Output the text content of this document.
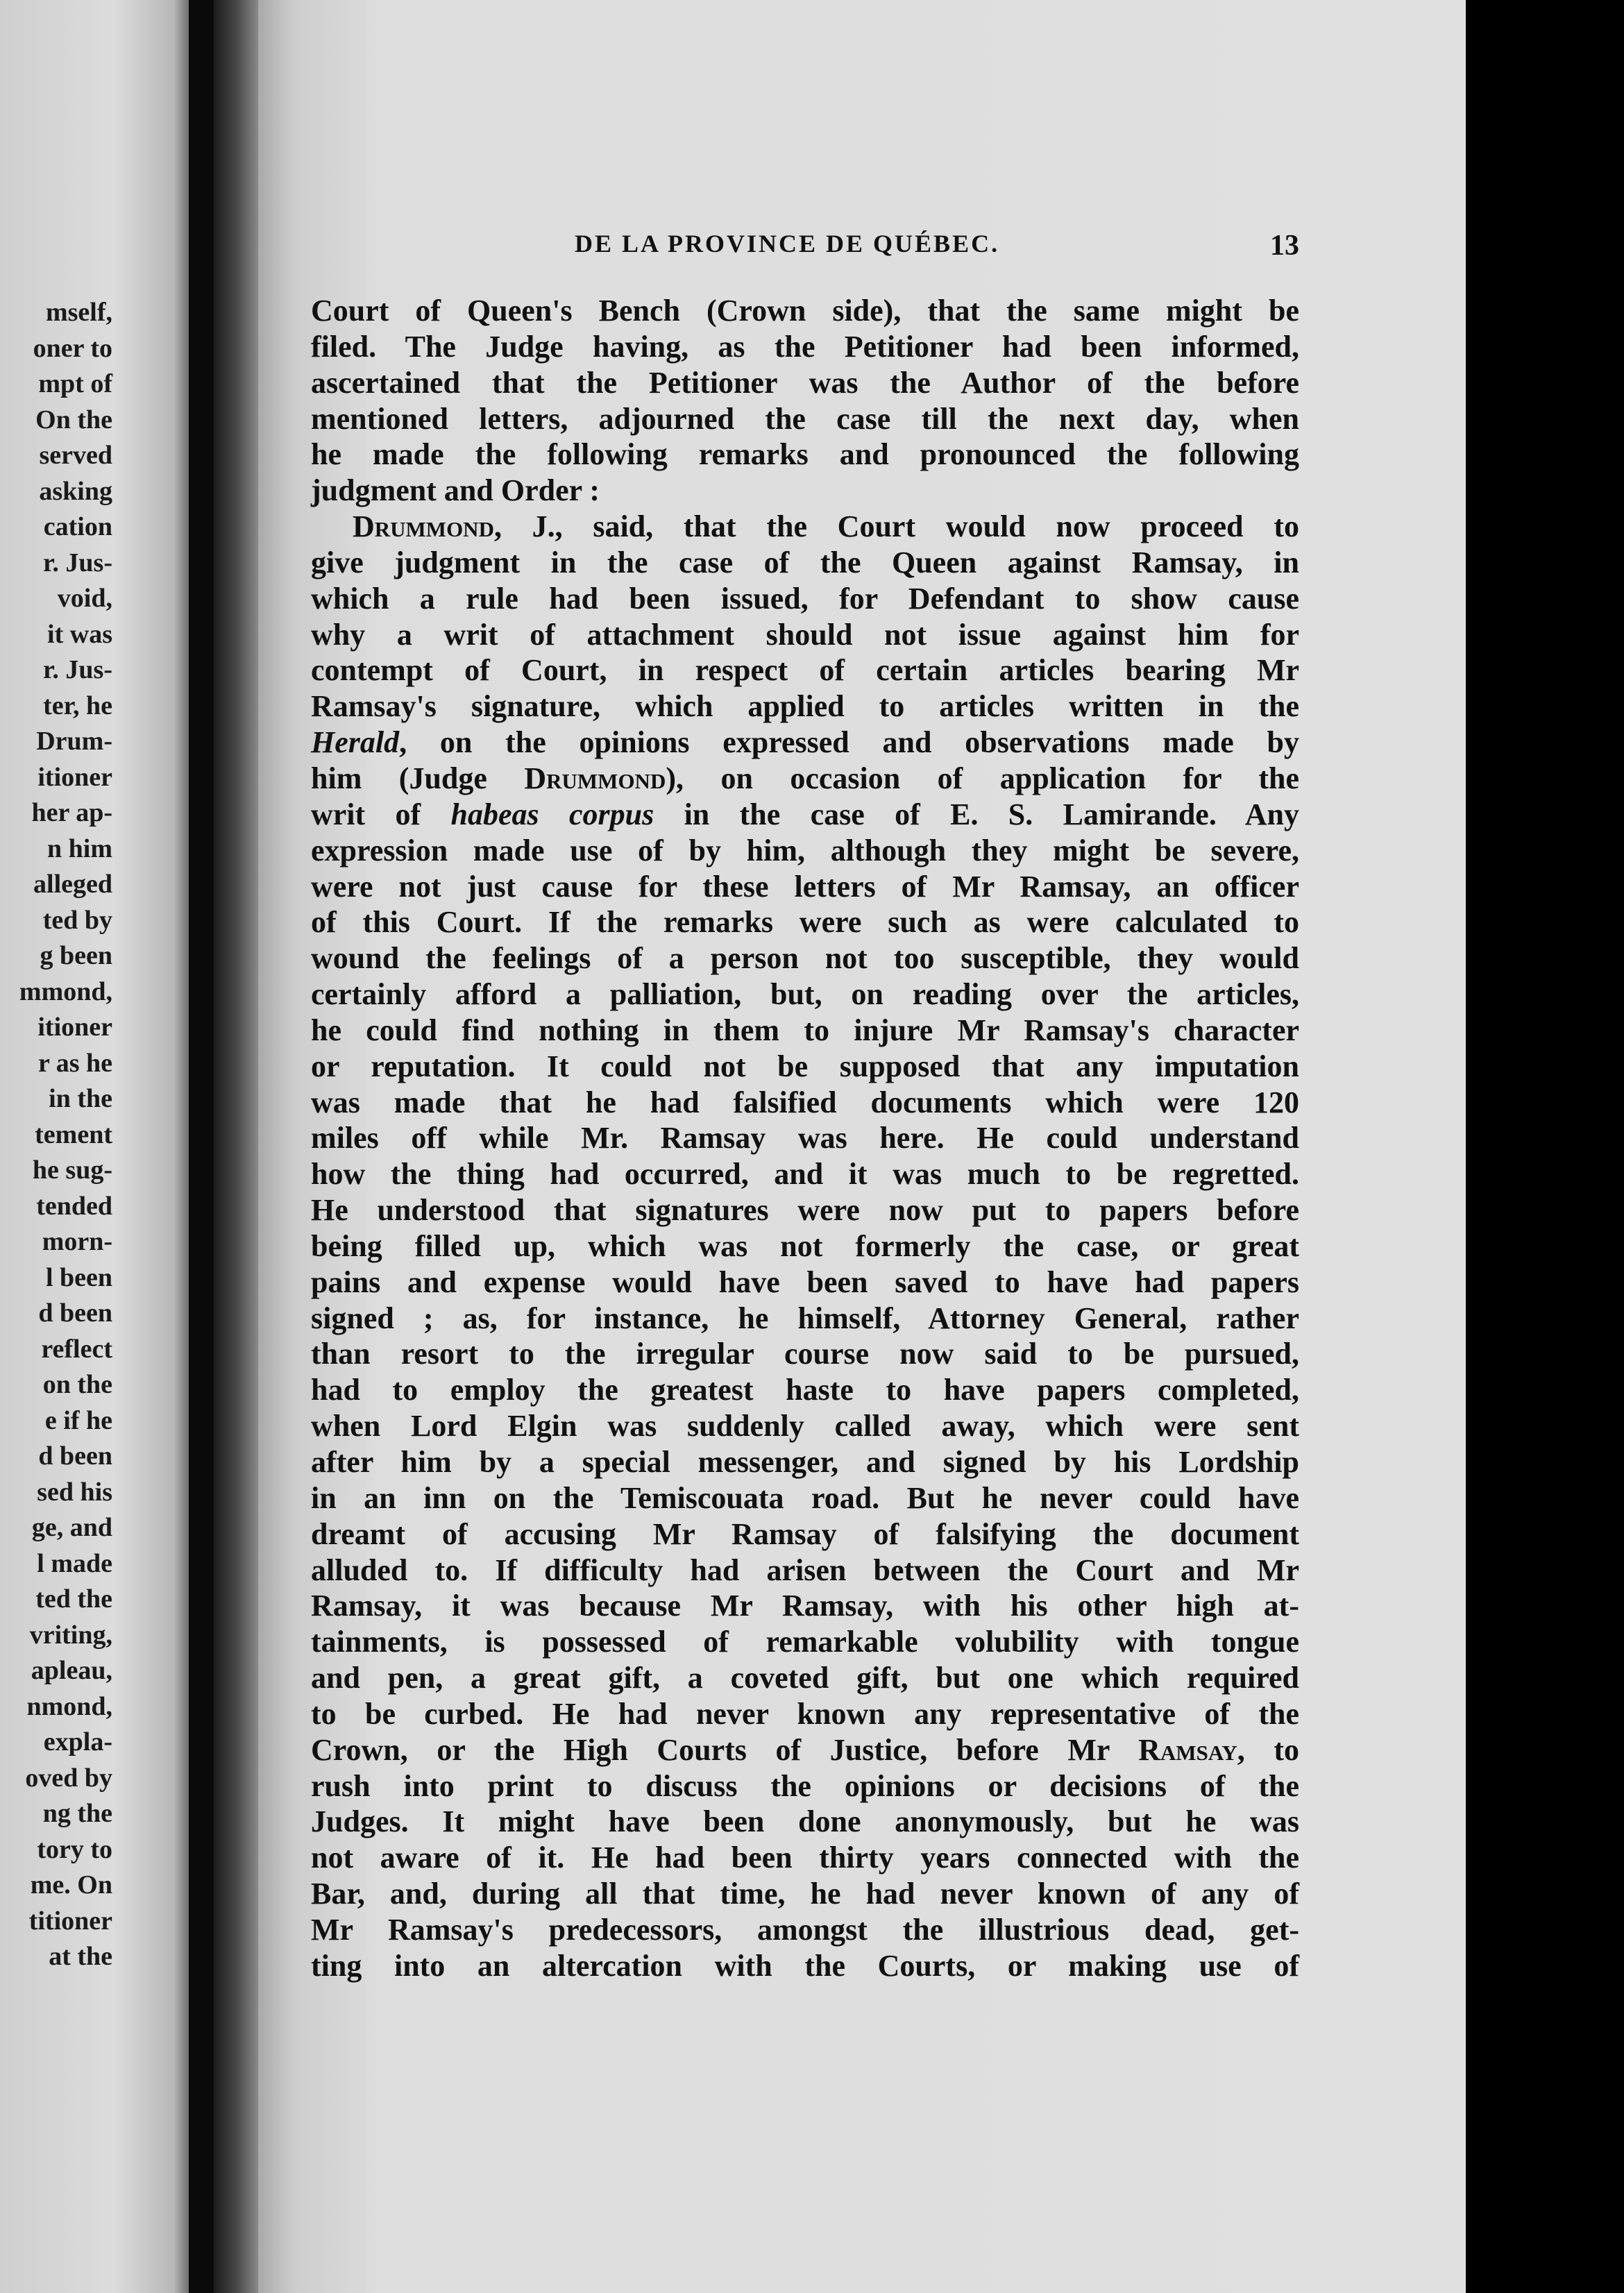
mself,
oner to
mpt of
On the
served
asking
cation
r. Jus-
void,
it was
r. Jus-
ter, he
Drum-
itioner
her ap-
n him
alleged
ted by
g been
mmond,
itioner
r as he
in the
tement
he sug-
tended
morn-
l been
d been
reflect
on the
e if he
d been
sed his
ge, and
l made
ted the
vriting,
apleau,
nmond,
expla-
oved by
ng the
tory to
me. On
titioner
at the
DE LA PROVINCE DE QUÉBEC.	13
Court of Queen's Bench (Crown side), that the same might be
filed. The Judge having, as the Petitioner had been informed,
ascertained that the Petitioner was the Author of the before
mentioned letters, adjourned the case till the next day, when
he made the following remarks and pronounced the following
judgment and Order :
Drummond, J., said, that the Court would now proceed to
give judgment in the case of the Queen against Ramsay, in
which a rule had been issued, for Defendant to show cause
why a writ of attachment should not issue against him for
contempt of Court, in respect of certain articles bearing Mr
Ramsay's signature, which applied to articles written in the
Herald, on the opinions expressed and observations made by
him (Judge Drummond), on occasion of application for the
writ of habeas corpus in the case of E. S. Lamirande. Any
expression made use of by him, although they might be severe,
were not just cause for these letters of Mr Ramsay, an officer
of this Court. If the remarks were such as were calculated to
wound the feelings of a person not too susceptible, they would
certainly afford a palliation, but, on reading over the articles,
he could find nothing in them to injure Mr Ramsay's character
or reputation. It could not be supposed that any imputation
was made that he had falsified documents which were 120
miles off while Mr. Ramsay was here. He could understand
how the thing had occurred, and it was much to be regretted.
He understood that signatures were now put to papers before
being filled up, which was not formerly the case, or great
pains and expense would have been saved to have had papers
signed ; as, for instance, he himself, Attorney General, rather
than resort to the irregular course now said to be pursued,
had to employ the greatest haste to have papers completed,
when Lord Elgin was suddenly called away, which were sent
after him by a special messenger, and signed by his Lordship
in an inn on the Temiscouata road. But he never could have
dreamt of accusing Mr Ramsay of falsifying the document
alluded to. If difficulty had arisen between the Court and Mr
Ramsay, it was because Mr Ramsay, with his other high at-
tainments, is possessed of remarkable volubility with tongue
and pen, a great gift, a coveted gift, but one which required
to be curbed. He had never known any representative of the
Crown, or the High Courts of Justice, before Mr Ramsay, to
rush into print to discuss the opinions or decisions of the
Judges. It might have been done anonymously, but he was
not aware of it. He had been thirty years connected with the
Bar, and, during all that time, he had never known of any of
Mr Ramsay's predecessors, amongst the illustrious dead, get-
ting into an altercation with the Courts, or making use of
